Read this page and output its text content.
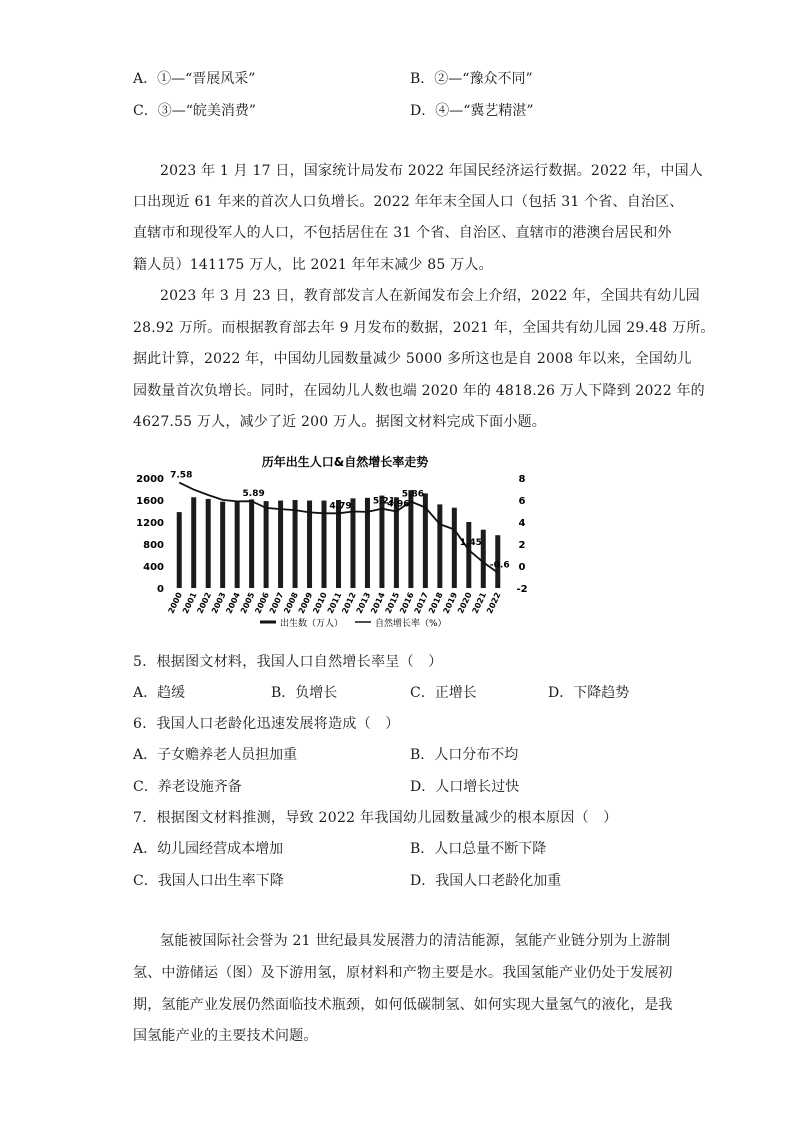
A．①—“晋展风采”	B．②—“豫众不同”
C．③—“皖美消费”	D．④—“冀艺精湛”
2023 年 1 月 17 日，国家统计局发布 2022 年国民经济运行数据。2022 年，中国人
口出现近 61 年来的首次人口负增长。2022 年年末全国人口（包括 31 个省、自治区、
直辖市和现役军人的人口，不包括居住在 31 个省、自治区、直辖市的港澳台居民和外
籍人员）141175 万人，比 2021 年年末减少 85 万人。
2023 年 3 月 23 日，教育部发言人在新闻发布会上介绍，2022 年，全国共有幼儿园
28.92 万所。而根据教育部去年 9 月发布的数据，2021 年，全国共有幼儿园 29.48 万所。
据此计算，2022 年，中国幼儿园数量减少 5000 多所这也是自 2008 年以来，全国幼儿
园数量首次负增长。同时，在园幼儿人数也端 2020 年的 4818.26 万人下降到 2022 年的
4627.55 万人，减少了近 200 万人。据图文材料完成下面小题。
历年出生人口&自然增长率走势
2000
1600
1200
800
400
0
8
6
4
2
0
-2
7.58
5.89
4.79 5.21
4.96
5.86
1.45
-0.6
2000
2001
2002
2003
2004
2005
2006
2007
2008
2009
2010
2011
2012
2013
2014
2015
2016
2017
2018
2019
2020
2021
2022
出生数（万人）	自然增长率（%）
5．根据图文材料，我国人口自然增长率呈（　）
A．趋缓	B．负增长	C．正增长	D．下降趋势
6．我国人口老龄化迅速发展将造成（　）
A．子女赡养老人员担加重	B．人口分布不均
C．养老设施齐备	D．人口增长过快
7．根据图文材料推测，导致 2022 年我国幼儿园数量减少的根本原因（　）
A．幼儿园经营成本增加	B．人口总量不断下降
C．我国人口出生率下降	D．我国人口老龄化加重
氢能被国际社会誉为 21 世纪最具发展潜力的清洁能源，氢能产业链分别为上游制
氢、中游储运（图）及下游用氢，原材料和产物主要是水。我国氢能产业仍处于发展初
期，氢能产业发展仍然面临技术瓶颈，如何低碳制氢、如何实现大量氢气的液化，是我
国氢能产业的主要技术问题。
